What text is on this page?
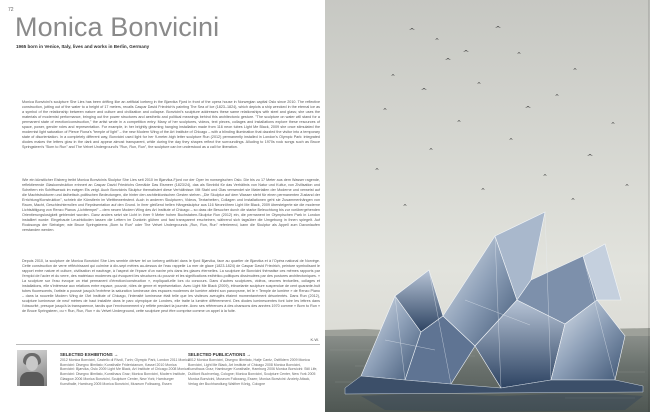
72
Monica Bonvicini
1965 born in Venice, Italy, lives and works in Berlin, Germany

Monica Bonvicini's sculpture She Lies has been drifting like an artificial iceberg in the Bjørvika Fjord in front of the opera house in Norwegian capital Oslo since 2010. The reflective construction, jutting out of the water to a height of 17 meters, recalls Caspar David Friedrich's painting The Sea of Ice (1823–1824), which depicts a ship wrecked in the eternal ice as a symbol of the relationship between nature and culture and civilization and collapse. Bonvicini's sculpture addresses these same relationships with steel and glass; she uses the materials of modernist performance, bringing out the power structures and aesthetic and political meanings behind this architectonic gesture. "The sculpture on water will stand for a permanent state of erection/construction," the artist wrote in a competition entry. Many of her sculptures, videos, text pieces, collages and installations explore these resources of space, power, gender roles and representation. For example, in her brightly gleaming hanging installation made from 116 neon tubes Light Me Black, 2009 she once stimulated the modernist light saturation of Pierce Fiona's "temple of light" – the new Modern Wing of the Art Institute of Chicago – with a blinding illumination that dazzled the visitor into a temporary state of disorientation. In a completely different way, Bonvicini used light for her 9-meter-high letter sculpture Run (2012) permanently installed in London's Olympic Park: integrated diodes makes the letters glow in the dark and appear almost transparent, while during the day they shapes reflect the surroundings. Alluding to 1970s rock songs such as Bruce Springsteen's "Born to Run" and The Velvet Underground's "Run, Run, Run", the sculpture can be understood as a call for liberation.

Wie ein künstlicher Eisberg treibt Monica Bonvicinis Skulptur She Lies seit 2010 im Bjørvika-Fjord vor der Oper im norwegischen Oslo. Die bis zu 17 Meter aus dem Wasser ragende, reflektierende Glaskonstruktion erinnert an Caspar David Friedrichs Gemälde Das Eismeer (1823/24), das als Sinnbild für das Verhältnis von Natur und Kultur, von Zivilisation und Scheitern ein Schiffswrack im ewigen Eis zeigt. Auch Bonvicinis Skulptur thematisiert diese Verhältnisse: Mit Stahl und Glas verwendet sie Materialien der Moderne und verweist auf die Machtstrukturen und ästhetisch-politischen Bedeutungen, die hinter den architektonischen Gesten stehen. „Die Skulptur auf dem Wasser steht für einen permanenten Zustand der Errichtung/Konstruktion", schrieb die Künstlerin im Wettbewerbstext. Auch in anderen Skulpturen, Videos, Textarbeiten, Collagen und Installationen geht sie Zusammenhängen von Raum, Macht, Geschlechterrollen und Repräsentation auf den Grund. In ihrer gleißend hellen Hängeskulptur aus 116 Neonröhren Light Me Black, 2009 übersteigerte sie die moderne Lichtsättigung von Renzo Pianos „Lichttempel" – dem neuen Modern Wing des Art Institute of Chicago – so dass die Besucher durch die starke Beleuchtung bis zur vorübergehenden Orientierungslosigkeit geblendet wurden. Ganz anders setzt sie Licht in ihrer 9 Meter hohen Buchstaben-Skulptur Run (2012) ein, die permanent im Olympischen Park in London installiert wurde: Eingebaute Leuchtdioden lassen die Lettern im Dunkeln glühen und fast transparent erscheinen, während sich tagsüber die Umgebung in ihnen spiegelt. Auf Rocksongs der Siebziger, wie Bruce Springsteens „Born to Run" oder The Velvet Undergrounds „Run, Run, Run" referierend, kann die Skulptur als Appell zum Davonlaufen verstanden werden.

Depuis 2010, la sculpture de Monica Bonvicini She Lies semble dériver tel un iceberg artificiel dans le fjord Bjørvika, face au quartier de Bjørvika et à l'Opéra national de Norvège. Cette construction de verre réfléchissant qui culmine à dix-sept mètres au-dessus de l'eau rappelle La mer de glace (1823-1824) de Caspar David Friedrich, peinture symbolisant le rapport entre nature et culture, civilisation et naufrage, à l'aspect de l'épave d'un navire pris dans les glaces éternelles. La sculpture de Bonvicini thématise ces mêmes rapports par l'emploi de l'acier et du verre, des matériaux modernes qui évoquent les structures du pouvoir et les significations esthético-politiques dissimulées par des postures architectoniques. « La sculpture sur l'eau évoque un état permanent d'érection/construction », expliquait-elle lors du concours. Dans d'autres sculptures, vidéos, œuvres textuelles, collages et installations, elle s'intéresse aux relations entre espace, pouvoir, rôles de genre et représentation. Avec Light Me Black (2009), étincelante sculpture suspendue de cent quarante-huit tubes fluorescents, l'artiste a poussé jusqu'à l'extrême la saturation lumineuse des espaces modernes de lumière atteint son paroxysme, tel le « Temple de lumière » de Renzo Piano – dans la nouvelle Modern Wing de l'Art Institute of Chicago, l'intensité lumineuse était telle que les visiteurs aveuglés étaient momentanément désorientés. Dans Run (2012), sculpture lumineuse de neuf mètres de haut installée dans le parc olympique de Londres, elle traite la lumière différemment. Des diodes luminescentes font luire les lettres dans l'obscurité, presque jusqu'à la transparence, tandis que l'environnement s'y reflète pendant la journée. Avec ses références à des chansons des années 1970 comme « Born to Run » de Bruce Springsteen, ou « Run, Run, Run » du Velvet Underground, cette sculpture peut être comprise comme un appel à la fuite.

K.W.
SELECTED EXHIBITIONS →
2012 Monica Bonvicini, Castello di Rivoli, Turin; Olympic Park, London 2011 Monica Bonvicini: Disegno Illimitato; Kunsthalle Fridericianum, Kassel 2010 Monica Bonvicini: Bjørvika, Oslo 2009 Light Me Black, Art Institute of Chicago 2008 Monica Bonvicini: Disegno Illimitato, Kunsthaus Graz; Monica Bonvicini, Modern Institute, Glasgow 2006 Monica Bonvicini, Sculpture Center, New York; Hamburger Kunsthalle, Hamburg 2005 Monica Bonvicini, Museum Folkwang, Essen
SELECTED PUBLICATIONS →
2012 Monica Bonvicini, Disegno Illimitato, Hatje Cantz, Ostfildern 2009 Monica Bonvicini, Light Me Black, Art Institute of Chicago 2008 Monica Bonvicini, Kunsthaus Graz; Hamburger Kunsthalle, Hamburg 2006 Monica Bonvicini: Still Life, DuMont Buchverlag, Cologne; Monica Bonvicini, Sculpture Center, New York 2005 Monica Bonvicini, Museum Folkwang, Essen; Monica Bonvicini: Anxiety Attack, Verlag der Buchhandlung Walther König, Cologne
